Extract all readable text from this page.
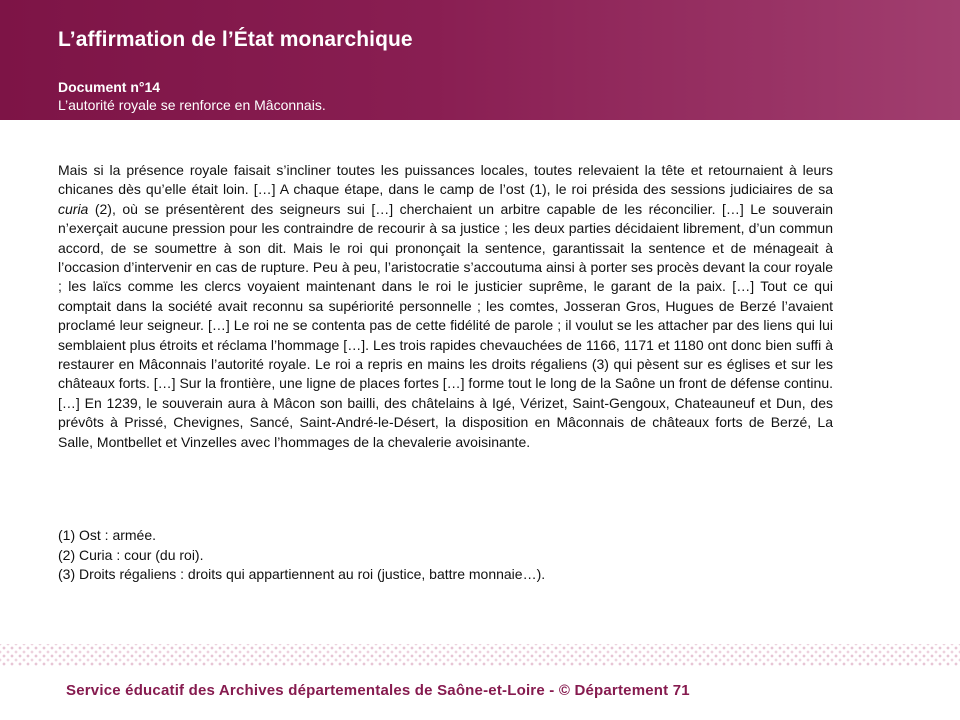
L’affirmation de l’État monarchique
Document n°14
L’autorité royale se renforce en Mâconnais.

Mais si la présence royale faisait s’incliner toutes les puissances locales, toutes relevaient la tête et retournaient à leurs chicanes dès qu’elle était loin. […] A chaque étape, dans le camp de l’ost (1), le roi présida des sessions judiciaires de sa curia (2), où se présentèrent des seigneurs sui […] cherchaient un arbitre capable de les réconcilier. […] Le souverain n’exerçait aucune pression pour les contraindre de recourir à sa justice ; les deux parties décidaient librement, d’un commun accord, de se soumettre à son dit. Mais le roi qui prononçait la sentence, garantissait la sentence et de ménageait à l’occasion d’intervenir en cas de rupture. Peu à peu, l’aristocratie s’accoutuma ainsi à porter ses procès devant la cour royale ; les laïcs comme les clercs voyaient maintenant dans le roi le justicier suprême, le garant de la paix. […] Tout ce qui comptait dans la société avait reconnu sa supériorité personnelle ; les comtes, Josseran Gros, Hugues de Berzé l’avaient proclamé leur seigneur. […] Le roi ne se contenta pas de cette fidélité de parole ; il voulut se les attacher par des liens qui lui semblaient plus étroits et réclama l’hommage […]. Les trois rapides chevauchées de 1166, 1171 et 1180 ont donc bien suffi à restaurer en Mâconnais l’autorité royale. Le roi a repris en mains les droits régaliens (3) qui pèsent sur es églises et sur les châteaux forts. […] Sur la frontière, une ligne de places fortes […] forme tout le long de la Saône un front de défense continu. […] En 1239, le souverain aura à Mâcon son bailli, des châtelains à Igé, Vérizet, Saint-Gengoux, Chateauneuf et Dun, des prévôts à Prissé, Chevignes, Sancé, Saint-André-le-Désert, la disposition en Mâconnais de châteaux forts de Berzé, La Salle, Montbellet et Vinzelles avec l’hommages de la chevalerie avoisinante.

(1) Ost : armée.
(2) Curia : cour (du roi).
(3) Droits régaliens : droits qui appartiennent au roi (justice, battre monnaie…).
Service éducatif des Archives départementales de Saône-et-Loire - © Département 71
